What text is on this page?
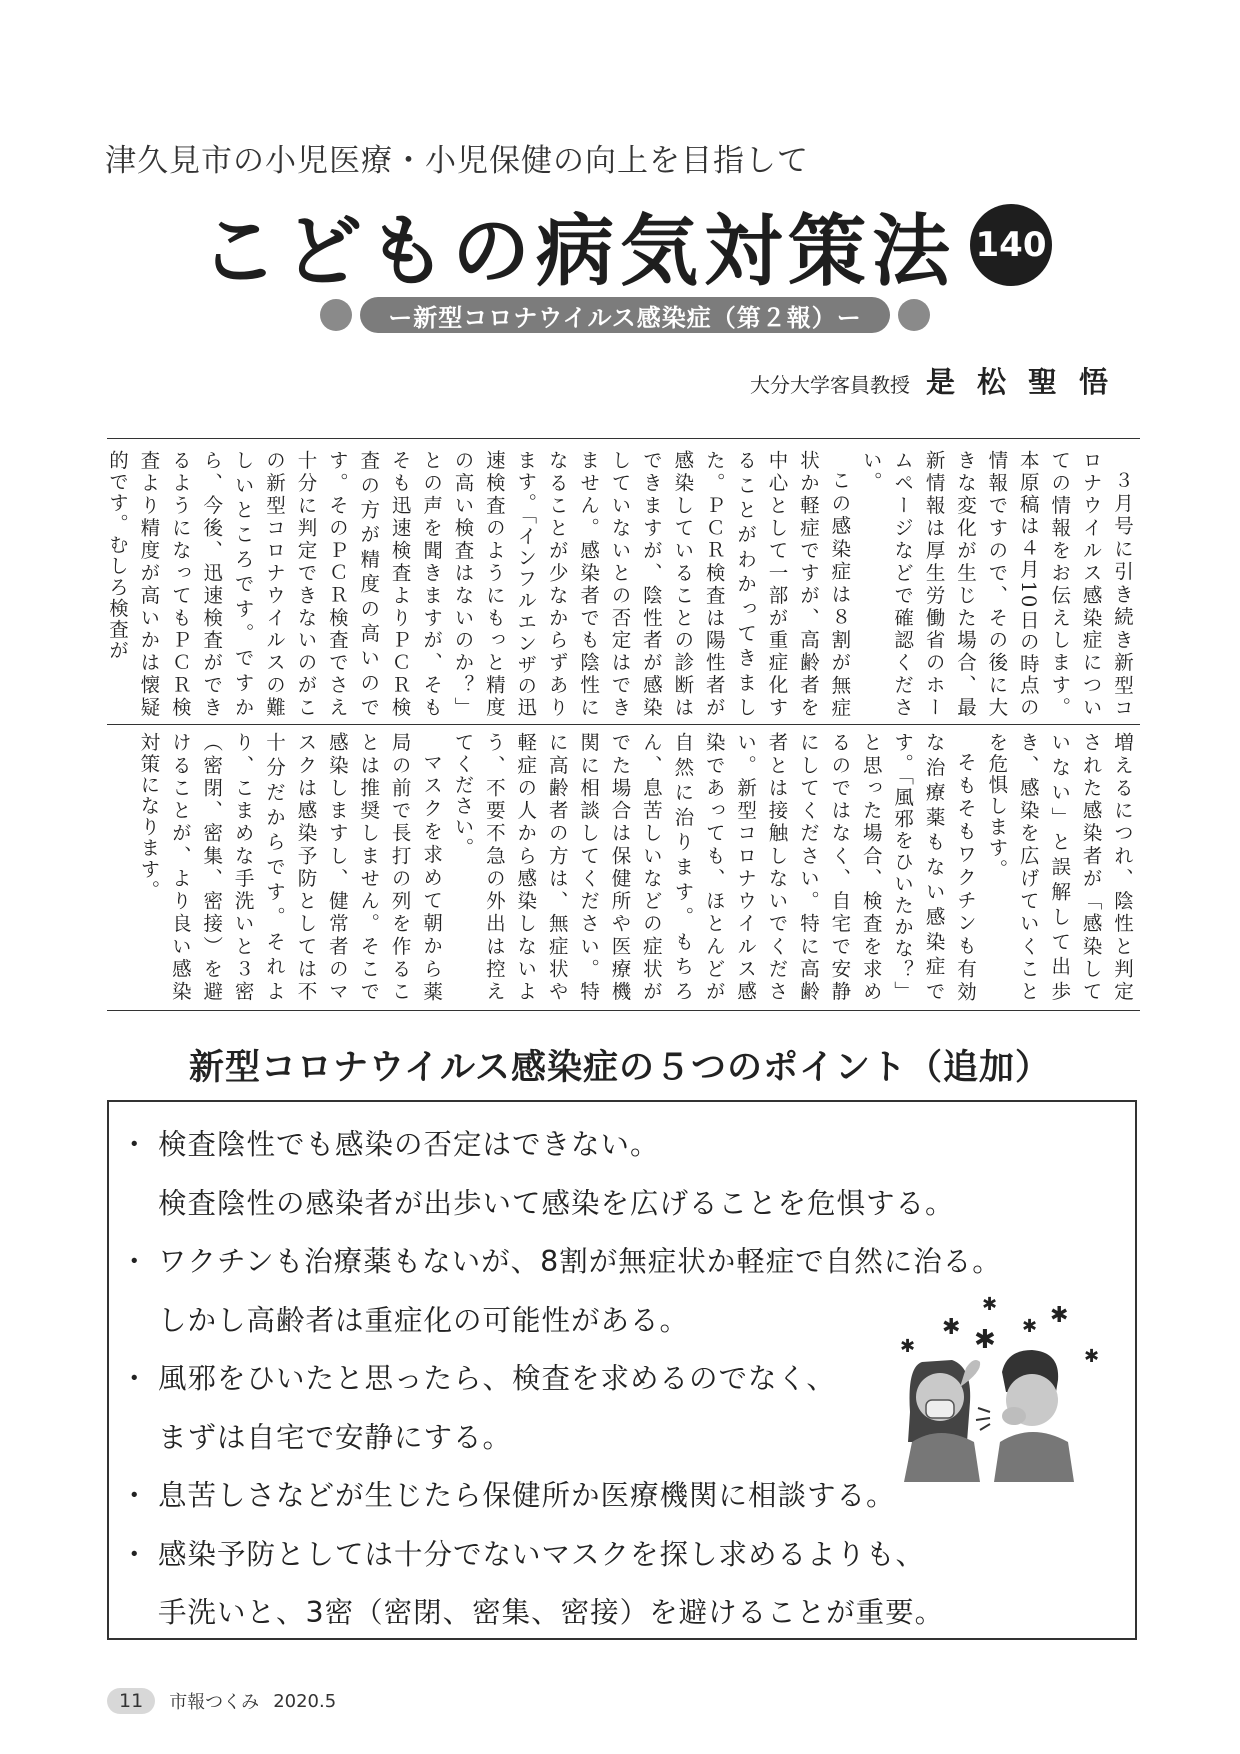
津久見市の小児医療・小児保健の向上を目指して
こどもの病気対策法 140
ー新型コロナウイルス感染症（第２報）ー
大分大学客員教授 是松聖悟

３月号に引き続き新型コロナウイルス感染症についての情報をお伝えします。本原稿は４月10日の時点の情報ですので、その後に大きな変化が生じた場合、最新情報は厚生労働省のホームページなどで確認ください。

この感染症は８割が無症状か軽症ですが、高齢者を中心として一部が重症化することがわかってきました。ＰＣＲ検査は陽性者が感染していることの診断はできますが、陰性者が感染していないとの否定はできません。感染者でも陰性になることが少なからずあります。「インフルエンザの迅速検査のようにもっと精度の高い検査はないのか？」との声を聞きますが、そもそも迅速検査よりＰＣＲ検査の方が精度の高いのです。そのＰＣＲ検査でさえ十分に判定できないのがこの新型コロナウイルスの難しいところです。ですから、今後、迅速検査ができるようになってもＰＣＲ検査より精度が高いかは懐疑的です。むしろ検査が

増えるにつれ、陰性と判定された感染者が「感染していない」と誤解して出歩き、感染を広げていくことを危惧します。

そもそもワクチンも有効な治療薬もない感染症です。「風邪をひいたかな？」と思った場合、検査を求めるのではなく、自宅で安静にしてください。特に高齢者とは接触しないでください。新型コロナウイルス感染であっても、ほとんどが自然に治ります。もちろん、息苦しいなどの症状がでた場合は保健所や医療機関に相談してください。特に高齢者の方は、無症状や軽症の人から感染しないよう、不要不急の外出は控えてください。

マスクを求めて朝から薬局の前で長打の列を作ることは推奨しません。そこで感染しますし、健常者のマスクは感染予防としては不十分だからです。それより、こまめな手洗いと３密（密閉、密集、密接）を避けることが、より良い感染対策になります。

新型コロナウイルス感染症の５つのポイント（追加）
・ 検査陰性でも感染の否定はできない。
検査陰性の感染者が出歩いて感染を広げることを危惧する。
・ ワクチンも治療薬もないが、8割が無症状か軽症で自然に治る。
しかし高齢者は重症化の可能性がある。
・ 風邪をひいたと思ったら、検査を求めるのでなく、
まずは自宅で安静にする。
・ 息苦しさなどが生じたら保健所か医療機関に相談する。
・ 感染予防としては十分でないマスクを探し求めるよりも、
手洗いと、3密（密閉、密集、密接）を避けることが重要。
✱
✱
✱ ✱ ✱
✱	✱
11	市報つくみ 2020.5
